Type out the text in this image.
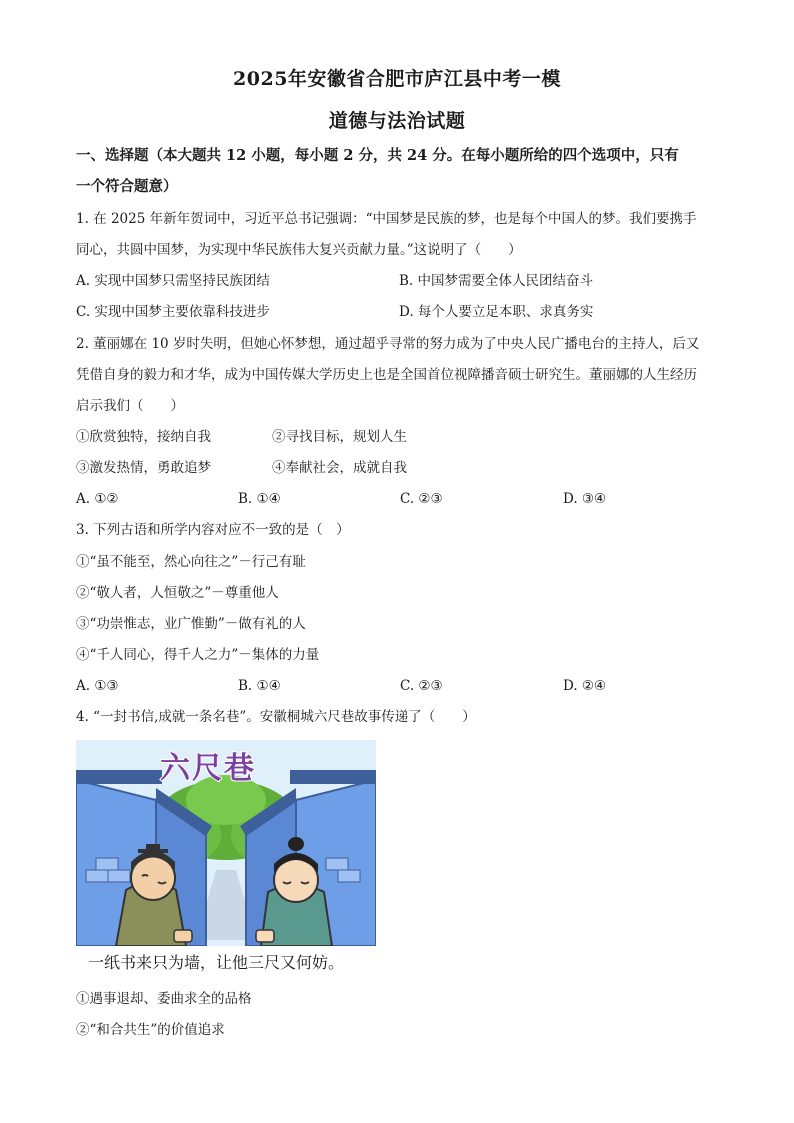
2025年安徽省合肥市庐江县中考一模
道德与法治试题
一、选择题（本大题共 12 小题，每小题 2 分，共 24 分。在每小题所给的四个选项中，只有
一个符合题意）
1. 在 2025 年新年贺词中，习近平总书记强调：“中国梦是民族的梦，也是每个中国人的梦。我们要携手
同心，共圆中国梦，为实现中华民族伟大复兴贡献力量。”这说明了（　　）
A. 实现中国梦只需坚持民族团结	B. 中国梦需要全体人民团结奋斗
C. 实现中国梦主要依靠科技进步	D. 每个人要立足本职、求真务实
2. 董丽娜在 10 岁时失明，但她心怀梦想，通过超乎寻常的努力成为了中央人民广播电台的主持人，后又
凭借自身的毅力和才华，成为中国传媒大学历史上也是全国首位视障播音硕士研究生。董丽娜的人生经历
启示我们（　　）
①欣赏独特，接纳自我	②寻找目标，规划人生
③激发热情，勇敢追梦	④奉献社会，成就自我
A. ①②	B. ①④	C. ②③	D. ③④
3. 下列古语和所学内容对应不一致的是（　）
①“虽不能至，然心向往之”－行己有耻
②“敬人者，人恒敬之”－尊重他人
③“功崇惟志，业广惟勤”－做有礼的人
④“千人同心，得千人之力”－集体的力量
A. ①③	B. ①④	C. ②③	D. ②④
4. “一封书信,成就一条名巷”。安徽桐城六尺巷故事传递了（　　）
六尺巷
一纸书来只为墙，让他三尺又何妨。
①遇事退却、委曲求全的品格
②“和合共生”的价值追求
